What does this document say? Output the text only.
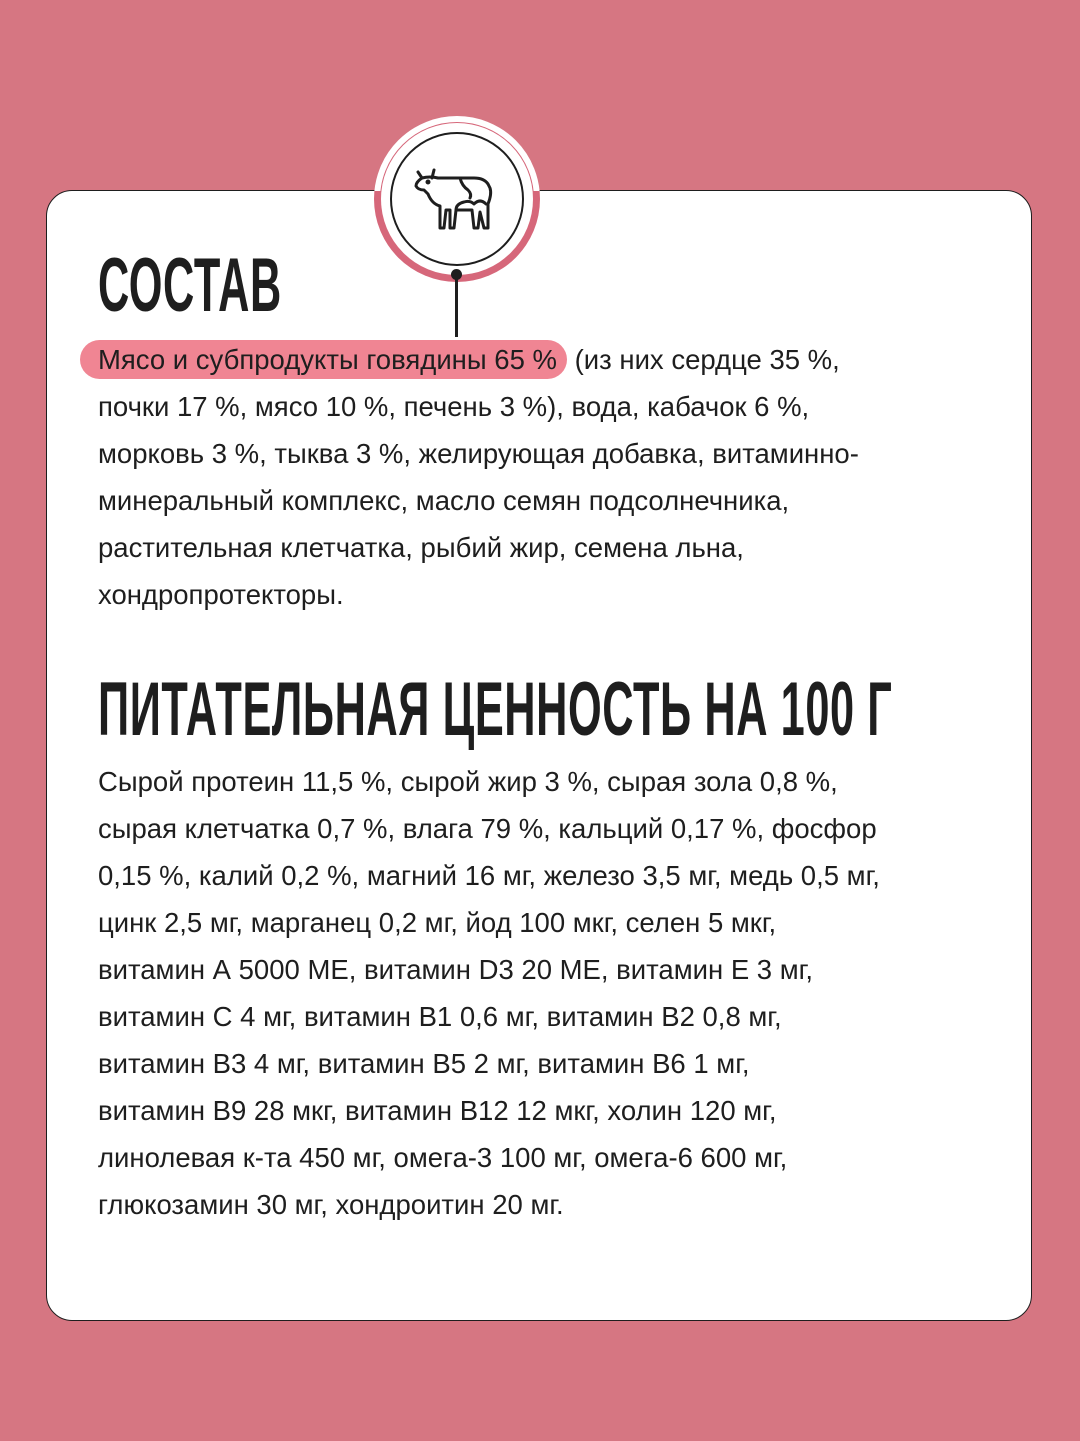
СОСТАВ
Мясо и субпродукты говядины 65 % (из них сердце 35 %,
почки 17 %, мясо 10 %, печень 3 %), вода, кабачок 6 %,
морковь 3 %, тыква 3 %, желирующая добавка, витаминно-
минеральный комплекс, масло семян подсолнечника,
растительная клетчатка, рыбий жир, семена льна,
хондропротекторы.
ПИТАТЕЛЬНАЯ ЦЕННОСТЬ НА 100 Г
Сырой протеин 11,5 %, сырой жир 3 %, сырая зола 0,8 %,
сырая клетчатка 0,7 %, влага 79 %, кальций 0,17 %, фосфор
0,15 %, калий 0,2 %, магний 16 мг, железо 3,5 мг, медь 0,5 мг,
цинк 2,5 мг, марганец 0,2 мг, йод 100 мкг, селен 5 мкг,
витамин А 5000 МЕ, витамин D3 20 МЕ, витамин Е 3 мг,
витамин С 4 мг, витамин В1 0,6 мг, витамин В2 0,8 мг,
витамин В3 4 мг, витамин В5 2 мг, витамин В6 1 мг,
витамин В9 28 мкг, витамин В12 12 мкг, холин 120 мг,
линолевая к-та 450 мг, омега-3 100 мг, омега-6 600 мг,
глюкозамин 30 мг, хондроитин 20 мг.
